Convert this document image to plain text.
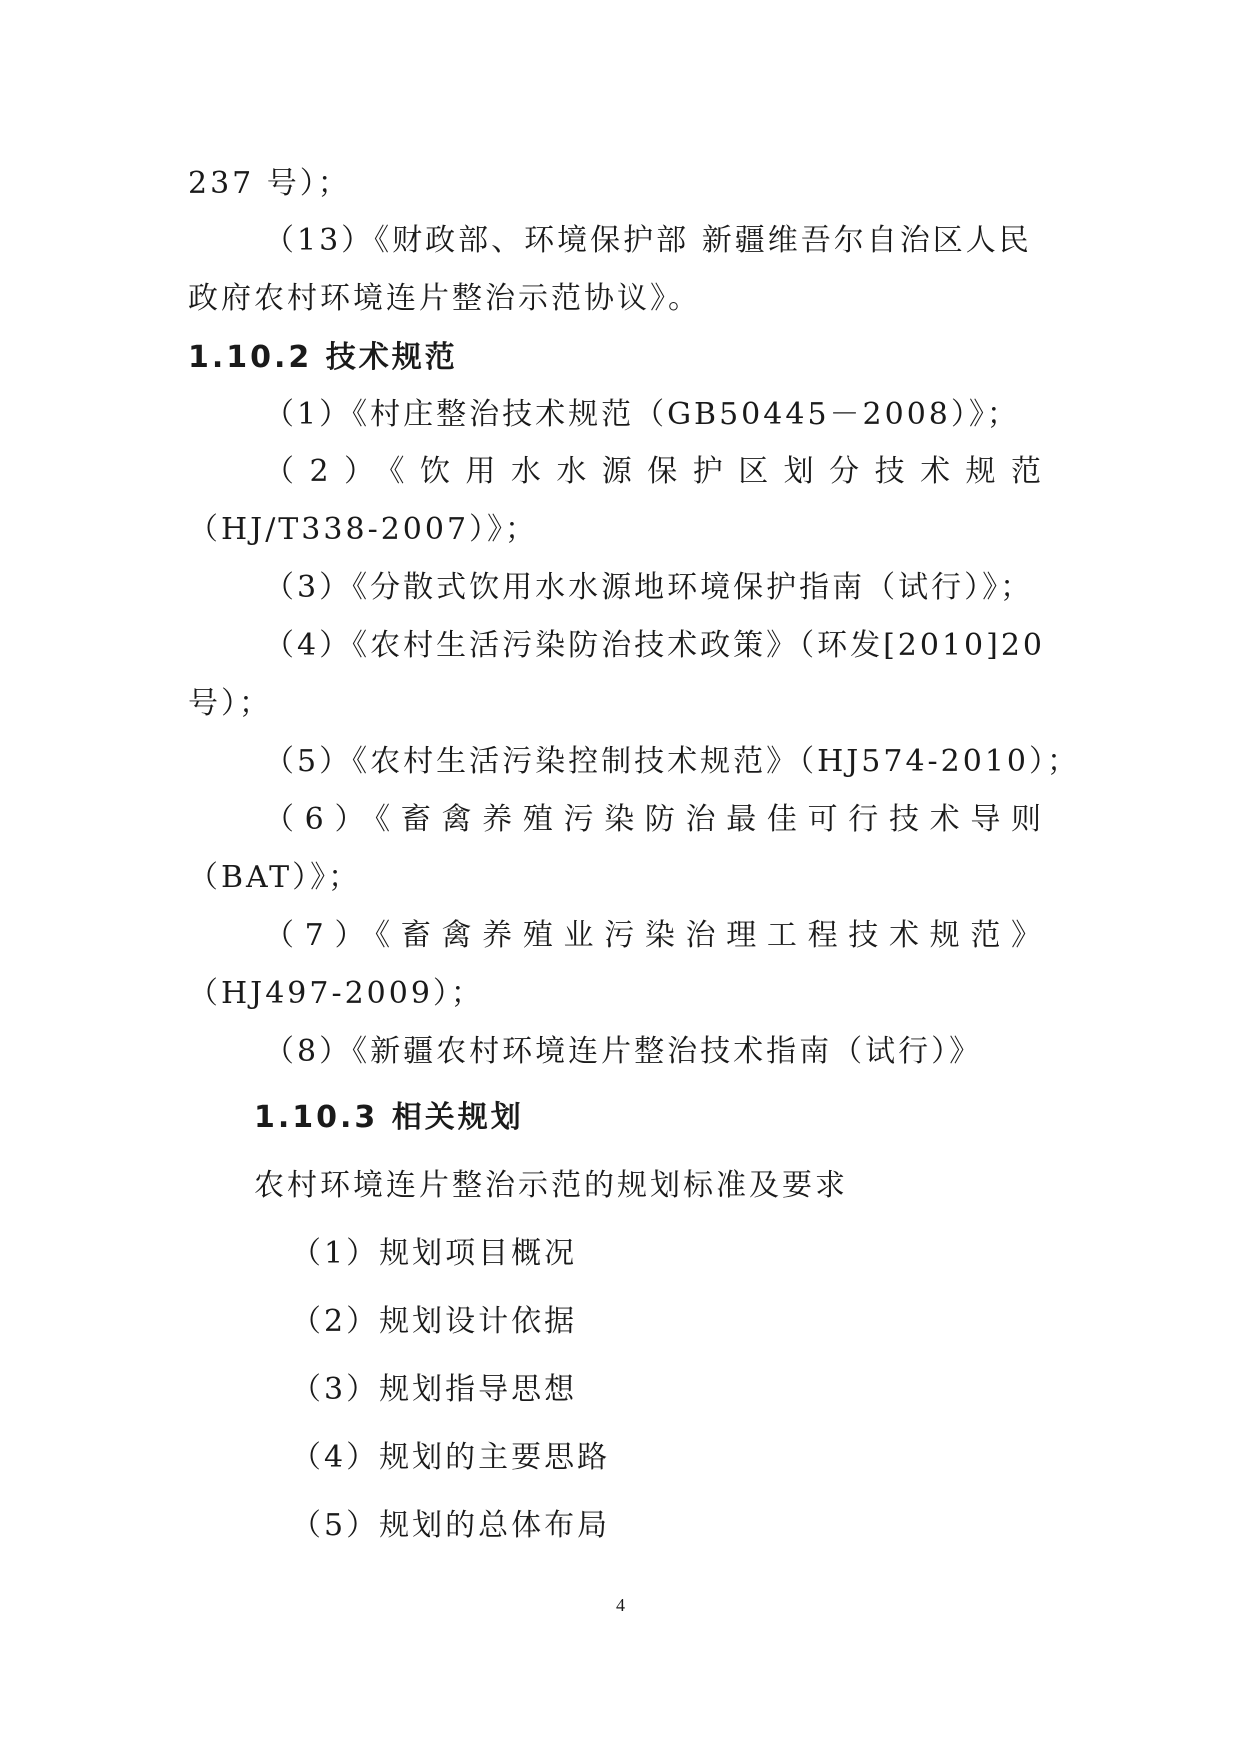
237 号）；
（13）《财政部、环境保护部 新疆维吾尔自治区人民
政府农村环境连片整治示范协议》。
1.10.2 技术规范
（1）《村庄整治技术规范（GB50445－2008）》；
（2）《饮用水水源保护区划分技术规范
（HJ/T338-2007）》；
（3）《分散式饮用水水源地环境保护指南（试行）》；
（4）《农村生活污染防治技术政策》（环发[2010]20
号）；
（5）《农村生活污染控制技术规范》（HJ574-2010）；
（6）《畜禽养殖污染防治最佳可行技术导则
（BAT）》；
（7）《畜禽养殖业污染治理工程技术规范》
（HJ497-2009）；
（8）《新疆农村环境连片整治技术指南（试行）》
1.10.3 相关规划
农村环境连片整治示范的规划标准及要求
（1）规划项目概况
（2）规划设计依据
（3）规划指导思想
（4）规划的主要思路
（5）规划的总体布局
4
